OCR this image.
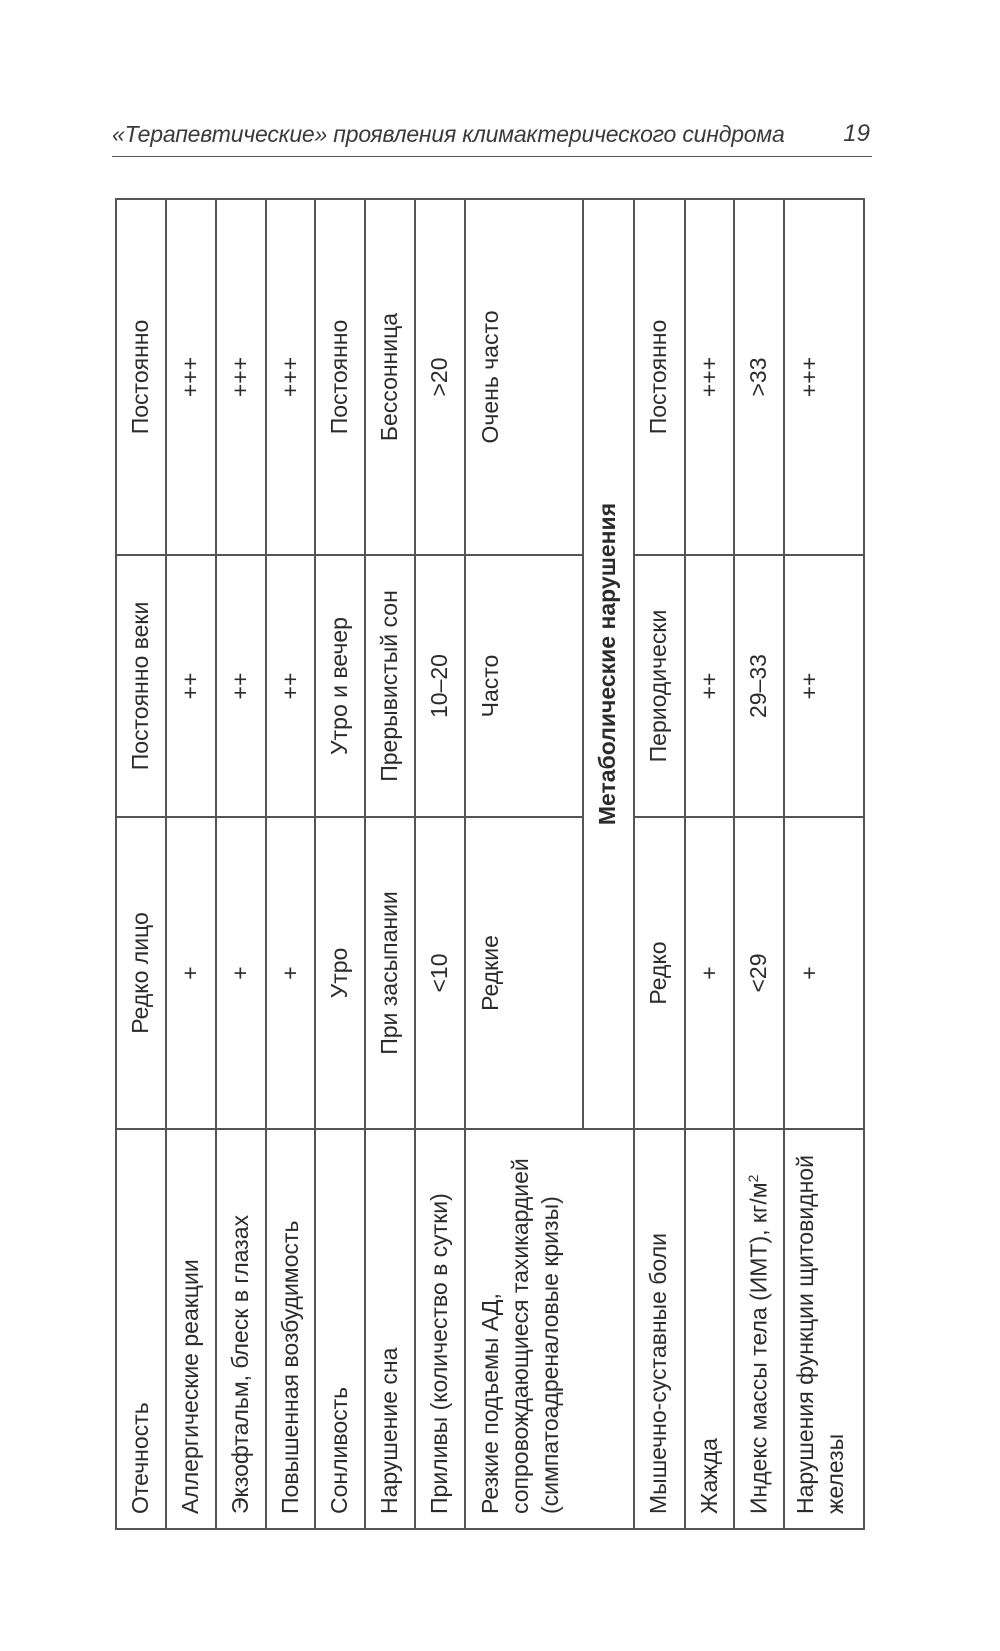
«Терапевтические» проявления климактерического синдрома 19
Отечность	Редко лицо	Постоянно веки	Постоянно
Аллергические реакции	+	++	+++
Экзофтальм, блеск в глазах	+	++	+++
Повышенная возбудимость	+	++	+++
Сонливость	Утро	Утро и вечер	Постоянно
Нарушение сна	При засыпании	Прерывистый сон	Бессонница
Приливы (количество в сутки)	<10	10–20	>20
Резкие подъемы АД, сопровождающиеся тахикардией (симпатоадреналовые кризы)	Редкие	Часто	Очень часто
	Метаболические нарушения		
Мышечно-суставные боли	Редко	Периодически	Постоянно
Жажда	+	++	+++
Индекс массы тела (ИМТ), $кг/м^2$	<29	29–33	>33
Нарушения функции щитовидной железы	+	++	+++
